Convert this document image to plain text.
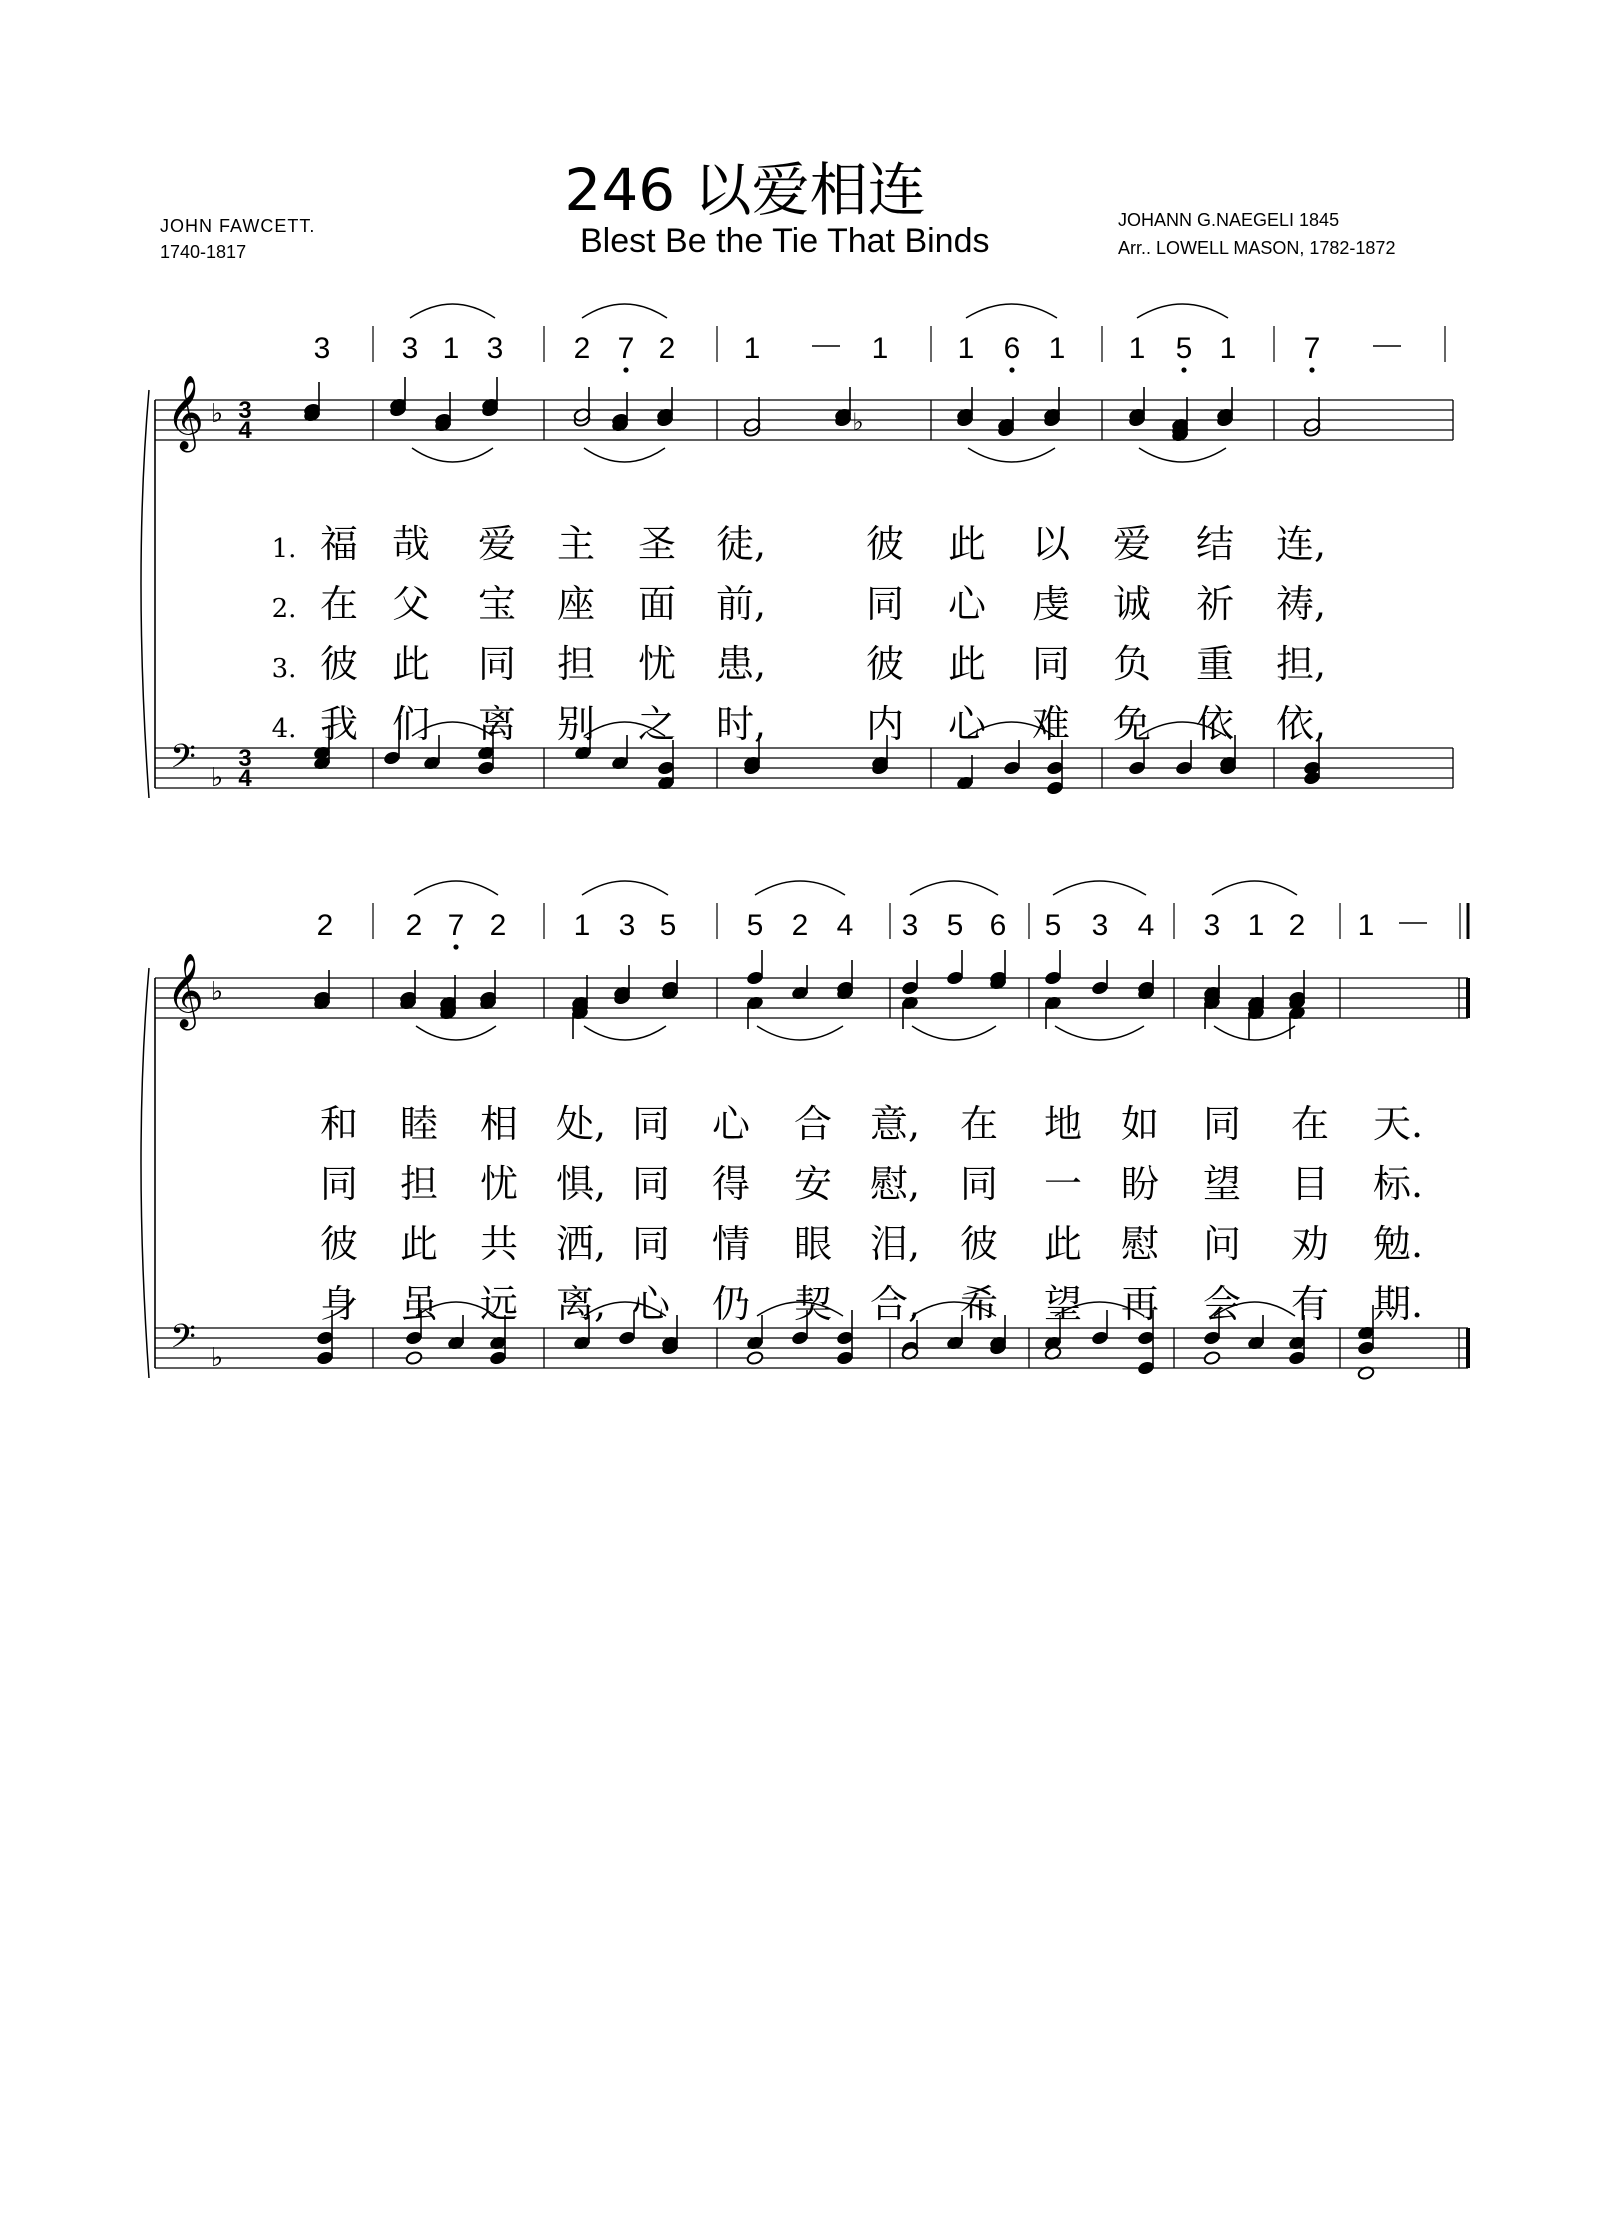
246 以爱相连
Blest Be the Tie That Binds
JOHN FAWCETT.
1740-1817
JOHANN G.NAEGELI 1845
Arr.. LOWELL MASON, 1782-1872
3 3 1 3 2 7 2 1	1 1 6 1 1 5 1 7
𝄞
𝄢
♭
♭
3
4
3
4
♭
1. 福 哉 爱 主 圣 徒,	彼 此 以 爱 结 连,
2. 在 父 宝 座 面 前,	同 心 虔 诚 祈 祷,
3. 彼 此 同 担 忧 患,	彼 此 同 负 重 担,
4. 我 们 离 别 之 时,	内 心 难 免 依 依,
2 2 7 2 1 3 5 5 2 4 3 5 6 5 3 4 3 1 2 1
𝄞
𝄢
♭
♭
和 睦 相 处, 同 心 合 意, 在 地 如 同 在 天.
同 担 忧 惧, 同 得 安 慰, 同 一 盼 望 目 标.
彼 此 共 洒, 同 情 眼 泪, 彼 此 慰 问 劝 勉.
身 虽 远 离, 心 仍 契 合, 希 望 再 会 有 期.
